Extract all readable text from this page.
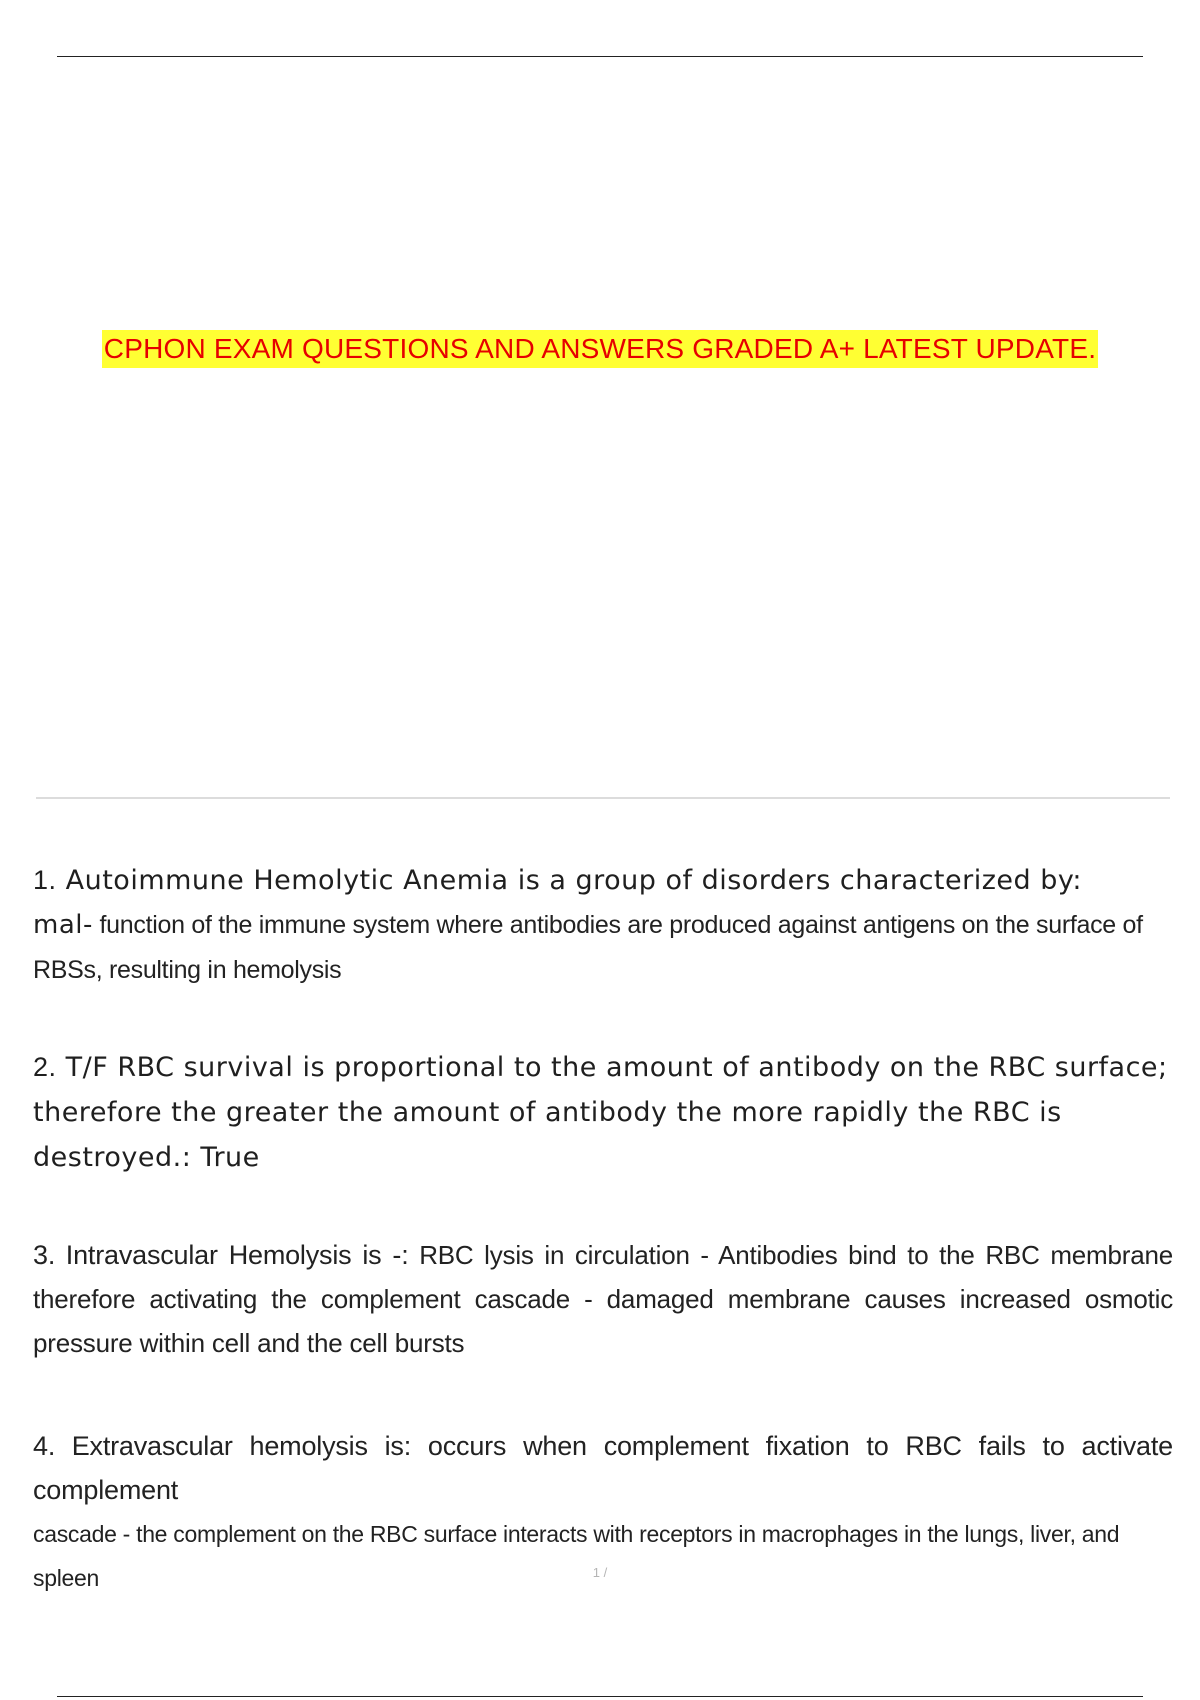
CPHON EXAM QUESTIONS AND ANSWERS GRADED A+ LATEST UPDATE.
1. Autoimmune Hemolytic Anemia is a group of disorders characterized by:
mal- function of the immune system where antibodies are produced against antigens on the surface of RBSs, resulting in hemolysis
2. T/F RBC survival is proportional to the amount of antibody on the RBC surface; therefore the greater the amount of antibody the more rapidly the RBC is destroyed.: True
3. Intravascular Hemolysis is -: RBC lysis in circulation - Antibodies bind to the RBC membrane therefore activating the complement cascade - damaged membrane causes increased osmotic pressure within cell and the cell bursts
4. Extravascular hemolysis is: occurs when complement fixation to RBC fails to activate complement
cascade - the complement on the RBC surface interacts with receptors in macrophages in the lungs, liver, and spleen	1 /
